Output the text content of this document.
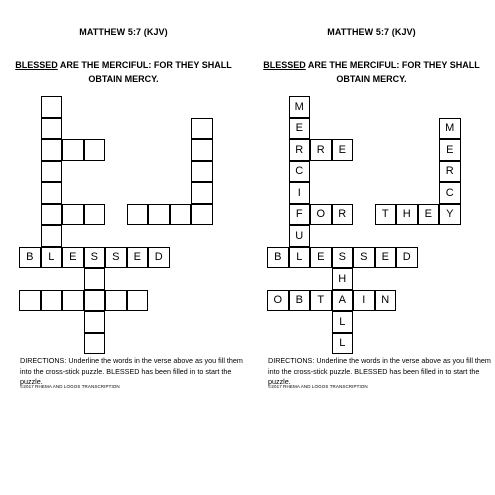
MATTHEW 5:7 (KJV)
BLESSED ARE THE MERCIFUL: FOR THEY SHALL
OBTAIN MERCY.
B	L	E	S	S	E	D
DIRECTIONS: Underline the words in the verse above as you fill them into the cross-stick puzzle. BLESSED has been filled in to start the puzzle.
©2017 RHEMA AND LOGOS TRANSCRIPTION
MATTHEW 5:7 (KJV)
BLESSED ARE THE MERCIFUL: FOR THEY SHALL
OBTAIN MERCY.
B	L	E	S	S	E	D
R	R	E
M
E
C
I
F
U
O	R	T	H	E	Y
H
A
L
L
O	B	T	I	N
M
E
R
C
DIRECTIONS: Underline the words in the verse above as you fill them into the cross-stick puzzle. BLESSED has been filled in to start the puzzle.
©2017 RHEMA AND LOGOS TRANSCRIPTION
